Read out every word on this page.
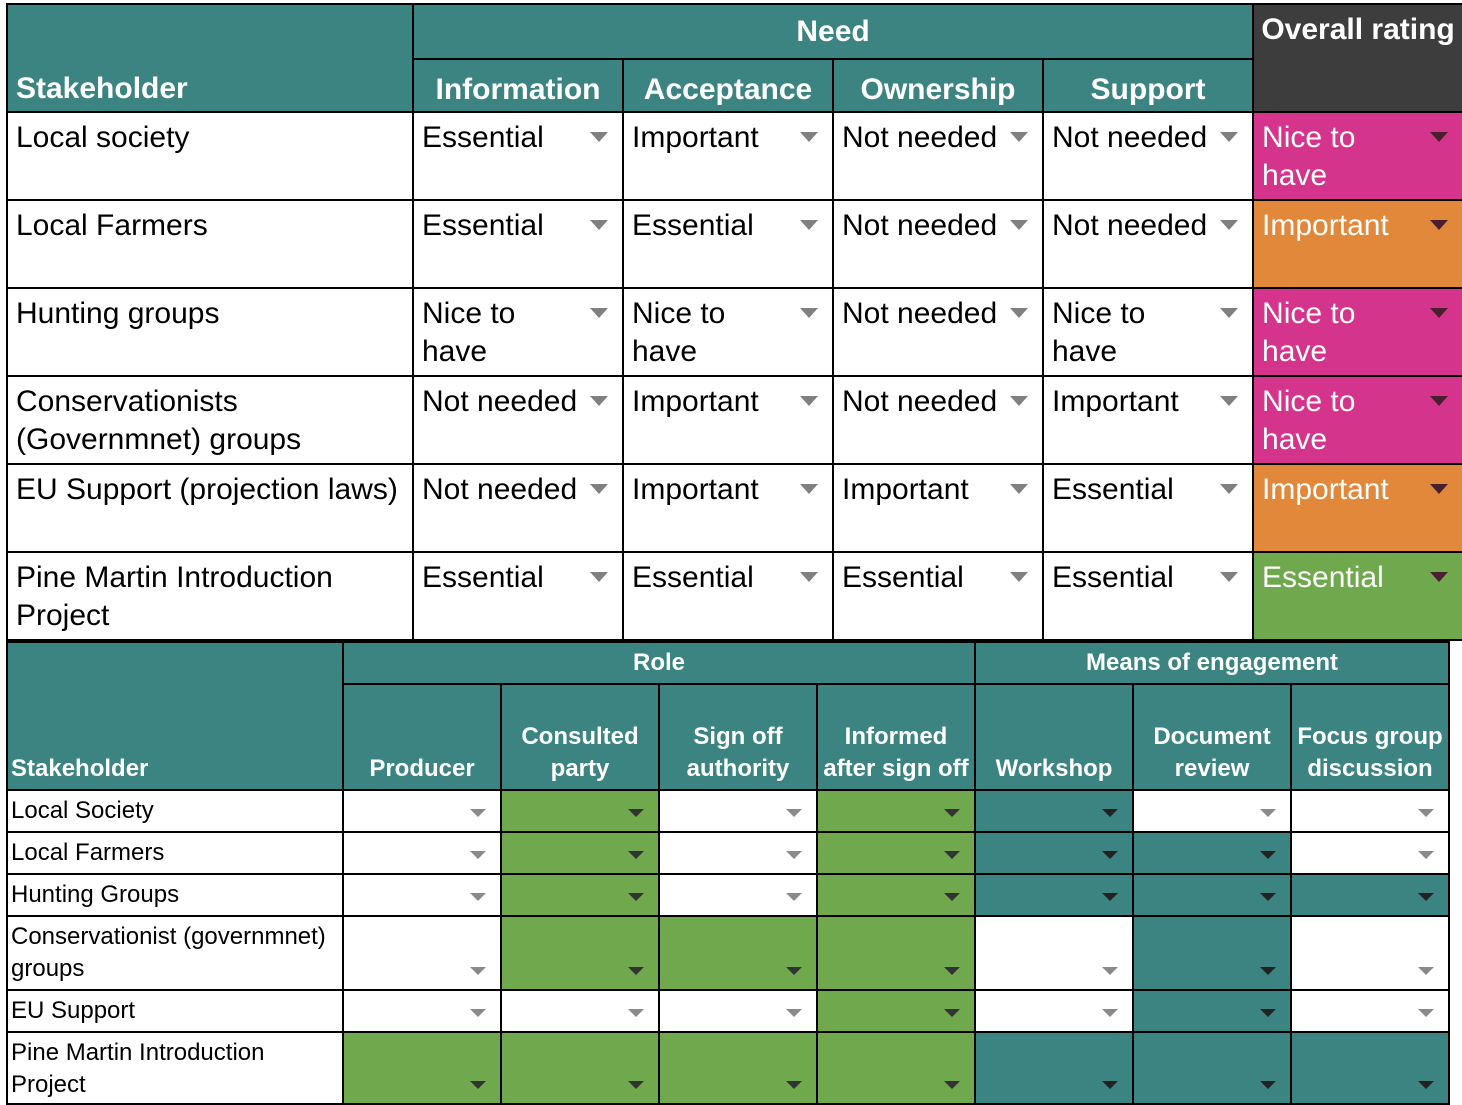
Stakeholder	Need				Overall rating
	Information	Acceptance	Ownership	Support	
Local society	Essential	Important	Not needed	Not needed	Nice to have

Local Farmers	Essential	Essential	Not needed	Not needed	Important

Hunting groups	Nice to have	Nice to have	Not needed	Nice to have	Nice to have

Conservationists (Governmnet) groups	Not needed	Important	Not needed	Important	Nice to have

EU Support (projection laws)	Not needed	Important	Important	Essential	Important

Pine Martin Introduction Project	Essential	Essential	Essential	Essential	Essential
Stakeholder	Role				Means of engagement		
	Producer	Consulted party	Sign off authority	Informed after sign off	Workshop	Document review	Focus group discussion
Local Society	

Local Farmers	

Hunting Groups	

Conservationist (governmnet) groups	

EU Support	

Pine Martin Introduction Project	
